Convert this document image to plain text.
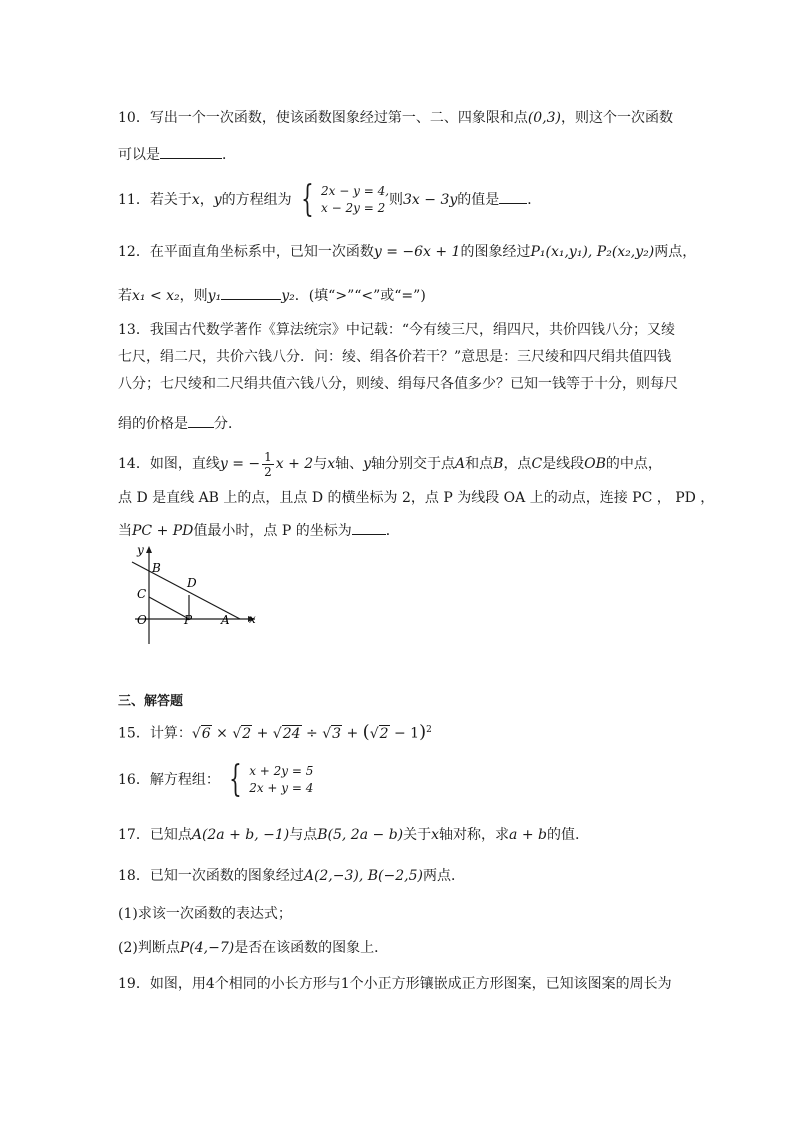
10．写出一个一次函数，使该函数图象经过第一、二、四象限和点(0,3)，则这个一次函数
可以是	．
11．若关于x，y的方程组为 { 2x − y = 4,
x − 2y = 2 则3x − 3y的值是 ．
12．在平面直角坐标系中，已知一次函数y = −6x + 1的图象经过P₁(x₁,y₁), P₂(x₂,y₂)两点，
若x₁ < x₂，则y₁	y₂．(填“>”“<”或“=”)
13．我国古代数学著作《算法统宗》中记载：“今有绫三尺，绢四尺，共价四钱八分；又绫
七尺，绢二尺，共价六钱八分．问：绫、绢各价若干？”意思是：三尺绫和四尺绢共值四钱
八分；七尺绫和二尺绢共值六钱八分，则绫、绢每尺各值多少？已知一钱等于十分，则每尺
绢的价格是 分．
14．如图，直线y = − $\frac{1}{2}$ x + 2与x轴、y轴分别交于点A和点B，点C是线段OB的中点，
点 D 是直线 AB 上的点，且点 D 的横坐标为 2，点 P 为线段 OA 上的动点，连接 PC ， PD ，
当PC + PD值最小时，点 P 的坐标为 ．
y
x
B
D
C
O	P A
三、解答题
15．计算：$√6 \times √2 + √24 \div √3 + (√2 - 1)^2$
16．解方程组： { x + 2y = 5
2x + y = 4
17．已知点A(2a + b, −1)与点B(5, 2a − b)关于x轴对称，求a + b的值.
18．已知一次函数的图象经过A(2,−3), B(−2,5)两点．
(1)求该一次函数的表达式；
(2)判断点P(4,−7)是否在该函数的图象上．
19．如图，用4个相同的小长方形与1个小正方形镶嵌成正方形图案，已知该图案的周长为
